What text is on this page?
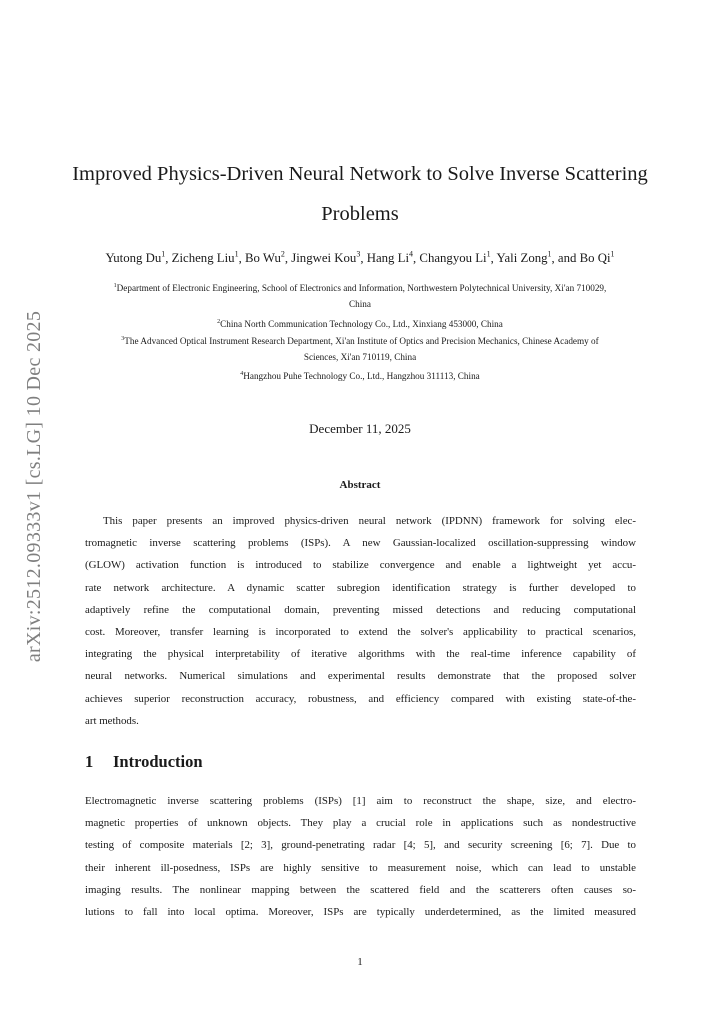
arXiv:2512.09333v1 [cs.LG] 10 Dec 2025
Improved Physics-Driven Neural Network to Solve Inverse Scattering
Problems
Yutong Du$^1$, Zicheng Liu$^1$, Bo Wu$^2$, Jingwei Kou$^3$, Hang Li$^4$, Changyou Li$^1$, Yali Zong$^1$, and Bo Qi$^1$
$^1$Department of Electronic Engineering, School of Electronics and Information, Northwestern Polytechnical University, Xi'an 710029,
China
$^2$China North Communication Technology Co., Ltd., Xinxiang 453000, China
$^3$The Advanced Optical Instrument Research Department, Xi'an Institute of Optics and Precision Mechanics, Chinese Academy of
Sciences, Xi'an 710119, China
$^4$Hangzhou Puhe Technology Co., Ltd., Hangzhou 311113, China
December 11, 2025
Abstract
This paper presents an improved physics-driven neural network (IPDNN) framework for solving elec-
tromagnetic inverse scattering problems (ISPs). A new Gaussian-localized oscillation-suppressing window
(GLOW) activation function is introduced to stabilize convergence and enable a lightweight yet accu-
rate network architecture. A dynamic scatter subregion identification strategy is further developed to
adaptively refine the computational domain, preventing missed detections and reducing computational
cost. Moreover, transfer learning is incorporated to extend the solver's applicability to practical scenarios,
integrating the physical interpretability of iterative algorithms with the real-time inference capability of
neural networks. Numerical simulations and experimental results demonstrate that the proposed solver
achieves superior reconstruction accuracy, robustness, and efficiency compared with existing state-of-the-
art methods.
1 Introduction
Electromagnetic inverse scattering problems (ISPs) [1] aim to reconstruct the shape, size, and electro-
magnetic properties of unknown objects. They play a crucial role in applications such as nondestructive
testing of composite materials [2; 3], ground-penetrating radar [4; 5], and security screening [6; 7]. Due to
their inherent ill-posedness, ISPs are highly sensitive to measurement noise, which can lead to unstable
imaging results. The nonlinear mapping between the scattered field and the scatterers often causes so-
lutions to fall into local optima. Moreover, ISPs are typically underdetermined, as the limited measured
1
